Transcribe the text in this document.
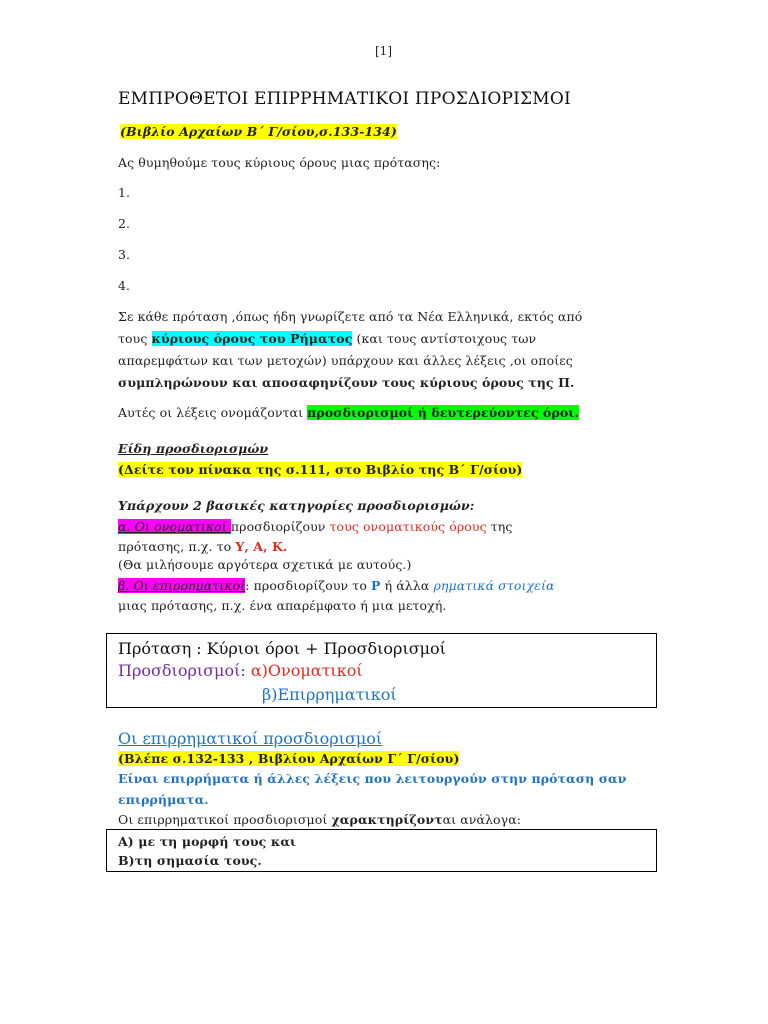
[1]
ΕΜΠΡΟΘΕΤΟΙ ΕΠΙΡΡΗΜΑΤΙΚΟΙ ΠΡΟΣΔΙΟΡΙΣΜΟΙ
(Βιβλίο Αρχαίων Β΄ Γ/σίου,σ.133-134)
Ας θυμηθούμε τους κύριους όρους μιας πρότασης:
1.
2.
3.
4.
Σε κάθε πρόταση ,όπως ήδη γνωρίζετε από τα Νέα Ελληνικά, εκτός από
τους κύριους όρους του Ρήματος (και τους αντίστοιχους των
απαρεμφάτων και των μετοχών) υπάρχουν και άλλες λέξεις ,οι οποίες
συμπληρώνουν και αποσαφηνίζουν τους κύριους όρους της Π.
Αυτές οι λέξεις ονομάζονται προσδιορισμοί ή δευτερεύοντες όροι.
Είδη προσδιορισμών
(Δείτε τον πίνακα της σ.111, στο Βιβλίο της Β΄ Γ/σίου)
Υπάρχουν 2 βασικές κατηγορίες προσδιορισμών:
α. Οι ονοματικοί προσδιορίζουν τους ονοματικούς όρους της
πρότασης, π.χ. το Υ, Α, Κ.
(Θα μιλήσουμε αργότερα σχετικά με αυτούς.)
β. Οι επιρρηματικοί: προσδιορίζουν το Ρ ή άλλα ρηματικά στοιχεία
μιας πρότασης, π.χ. ένα απαρέμφατο ή μια μετοχή.
Πρόταση : Κύριοι όροι + Προσδιορισμοί
Προσδιορισμοί: α)Ονοματικοί
β)Επιρρηματικοί
Οι επιρρηματικοί προσδιορισμοί
(Βλέπε σ.132-133 , Βιβλίου Αρχαίων Γ΄ Γ/σίου)
Είναι επιρρήματα ή άλλες λέξεις που λειτουργούν στην πρόταση σαν
επιρρήματα.
Οι επιρρηματικοί προσδιορισμοί χαρακτηρίζονται ανάλογα:
Α) με τη μορφή τους και
Β)τη σημασία τους.
